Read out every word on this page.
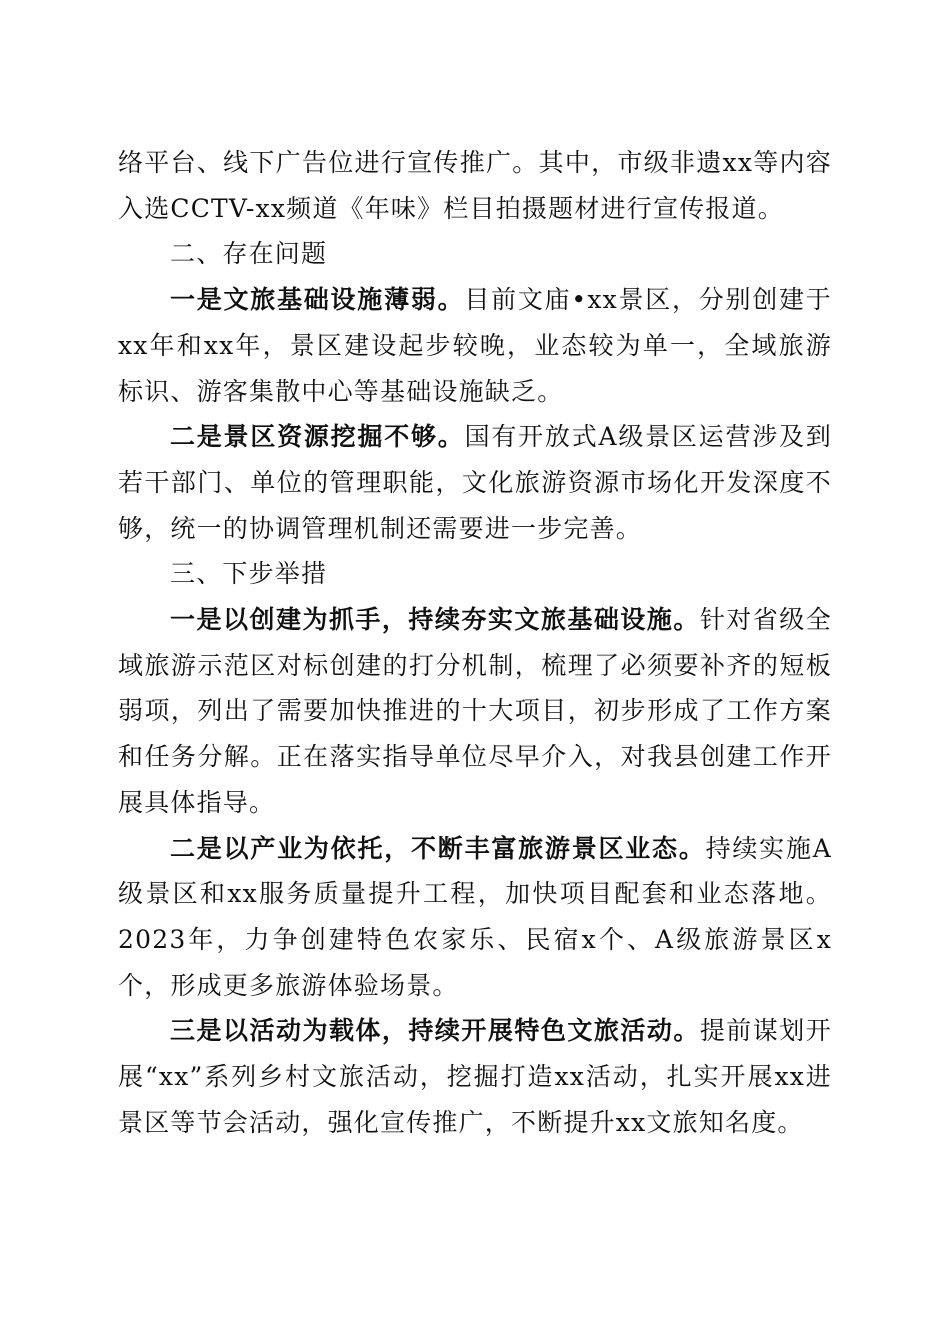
络平台、线下广告位进行宣传推广。其中，市级非遗xx等内容入选CCTV-xx频道《年味》栏目拍摄题材进行宣传报道。

二、存在问题

一是文旅基础设施薄弱。目前文庙•xx景区，分别创建于xx年和xx年，景区建设起步较晚，业态较为单一，全域旅游标识、游客集散中心等基础设施缺乏。

二是景区资源挖掘不够。国有开放式A级景区运营涉及到若干部门、单位的管理职能，文化旅游资源市场化开发深度不够，统一的协调管理机制还需要进一步完善。

三、下步举措

一是以创建为抓手，持续夯实文旅基础设施。针对省级全域旅游示范区对标创建的打分机制，梳理了必须要补齐的短板弱项，列出了需要加快推进的十大项目，初步形成了工作方案和任务分解。正在落实指导单位尽早介入，对我县创建工作开展具体指导。

二是以产业为依托，不断丰富旅游景区业态。持续实施A级景区和xx服务质量提升工程，加快项目配套和业态落地。2023年，力争创建特色农家乐、民宿x个、A级旅游景区x个，形成更多旅游体验场景。

三是以活动为载体，持续开展特色文旅活动。提前谋划开展“xx”系列乡村文旅活动，挖掘打造xx活动，扎实开展xx进景区等节会活动，强化宣传推广，不断提升xx文旅知名度。
